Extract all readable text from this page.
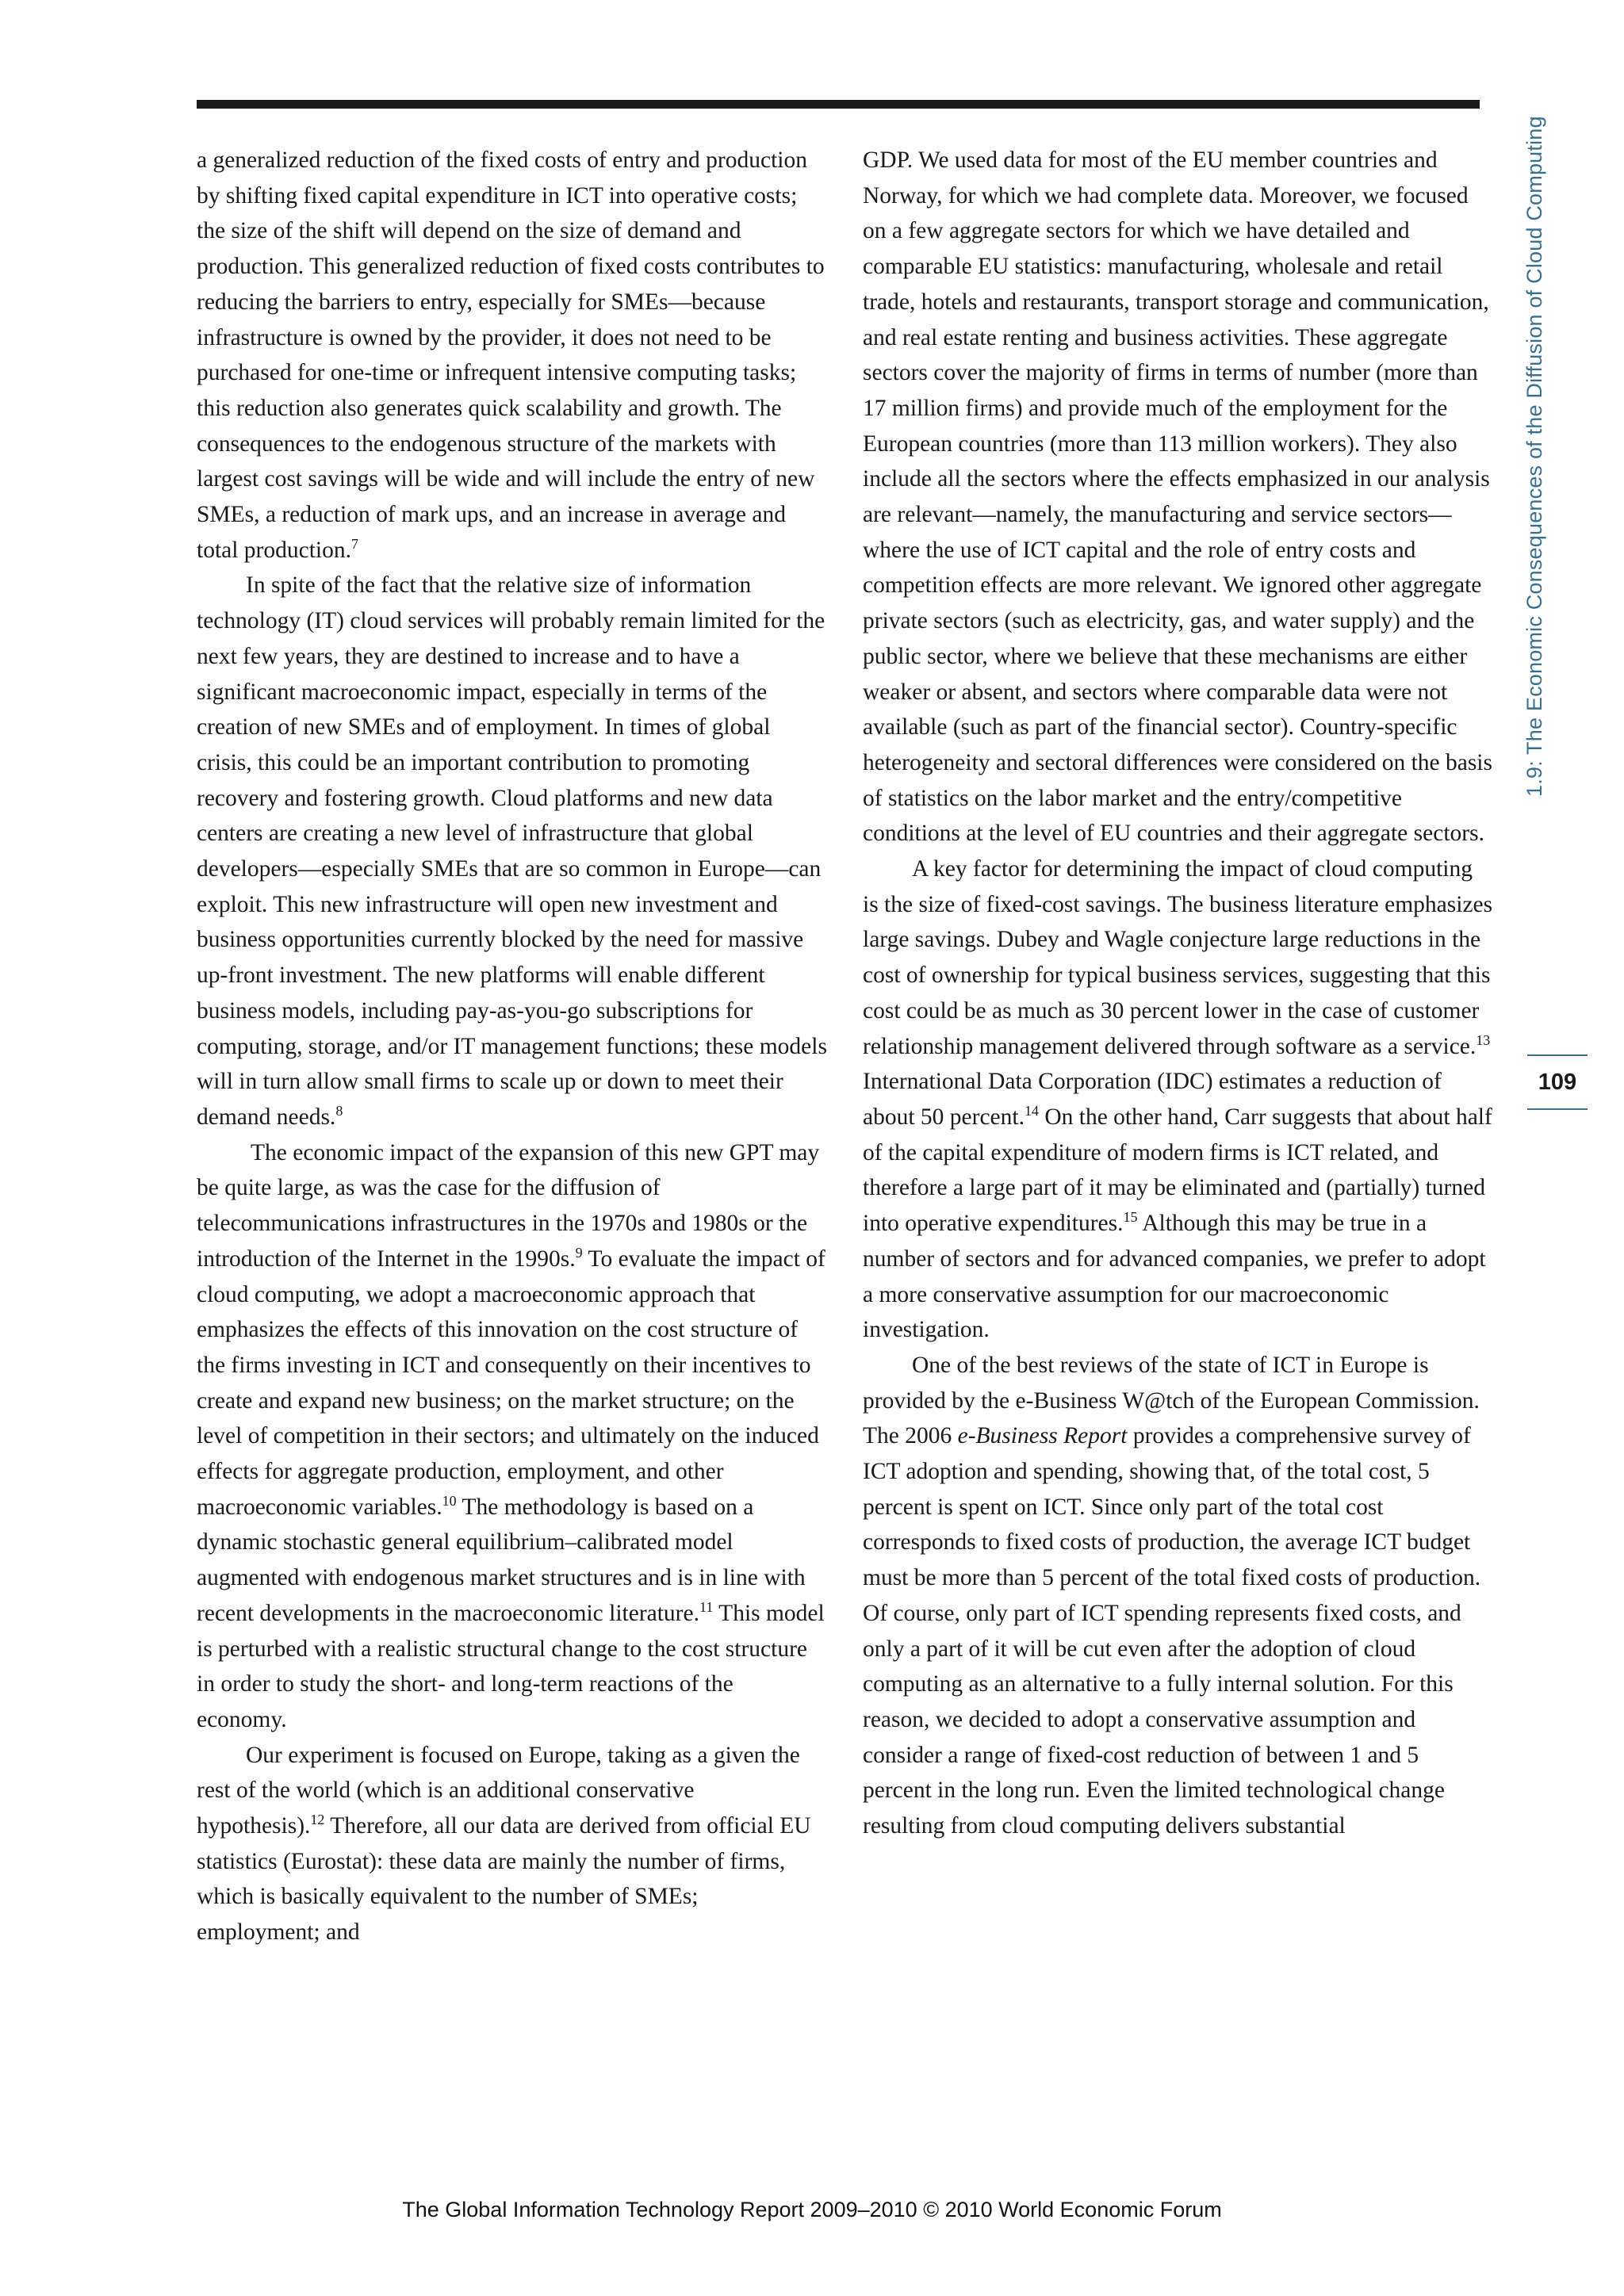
a generalized reduction of the fixed costs of entry and production by shifting fixed capital expenditure in ICT into operative costs; the size of the shift will depend on the size of demand and production. This generalized reduction of fixed costs contributes to reducing the barriers to entry, especially for SMEs—because infrastructure is owned by the provider, it does not need to be purchased for one-time or infrequent intensive computing tasks; this reduction also generates quick scalability and growth. The consequences to the endogenous structure of the markets with largest cost savings will be wide and will include the entry of new SMEs, a reduction of mark ups, and an increase in average and total production.$^7$

In spite of the fact that the relative size of information technology (IT) cloud services will probably remain limited for the next few years, they are destined to increase and to have a significant macroeconomic impact, especially in terms of the creation of new SMEs and of employment. In times of global crisis, this could be an important contribution to promoting recovery and fostering growth. Cloud platforms and new data centers are creating a new level of infrastructure that global developers—especially SMEs that are so common in Europe—can exploit. This new infrastructure will open new investment and business opportunities currently blocked by the need for massive up-front investment. The new platforms will enable different business models, including pay-as-you-go subscriptions for computing, storage, and/or IT management functions; these models will in turn allow small firms to scale up or down to meet their demand needs.$^8$

The economic impact of the expansion of this new GPT may be quite large, as was the case for the diffusion of telecommunications infrastructures in the 1970s and 1980s or the introduction of the Internet in the 1990s.$^9$ To evaluate the impact of cloud computing, we adopt a macroeconomic approach that emphasizes the effects of this innovation on the cost structure of the firms investing in ICT and consequently on their incentives to create and expand new business; on the market structure; on the level of competition in their sectors; and ultimately on the induced effects for aggregate production, employment, and other macroeconomic variables.$^{10}$ The methodology is based on a dynamic stochastic general equilibrium–calibrated model augmented with endogenous market structures and is in line with recent developments in the macroeconomic literature.$^{11}$ This model is perturbed with a realistic structural change to the cost structure in order to study the short- and long-term reactions of the economy.

Our experiment is focused on Europe, taking as a given the rest of the world (which is an additional conservative hypothesis).$^{12}$ Therefore, all our data are derived from official EU statistics (Eurostat): these data are mainly the number of firms, which is basically equivalent to the number of SMEs; employment; and

GDP. We used data for most of the EU member countries and Norway, for which we had complete data. Moreover, we focused on a few aggregate sectors for which we have detailed and comparable EU statistics: manufacturing, wholesale and retail trade, hotels and restaurants, transport storage and communication, and real estate renting and business activities. These aggregate sectors cover the majority of firms in terms of number (more than 17 million firms) and provide much of the employment for the European countries (more than 113 million workers). They also include all the sectors where the effects emphasized in our analysis are relevant—namely, the manufacturing and service sectors—where the use of ICT capital and the role of entry costs and competition effects are more relevant. We ignored other aggregate private sectors (such as electricity, gas, and water supply) and the public sector, where we believe that these mechanisms are either weaker or absent, and sectors where comparable data were not available (such as part of the financial sector). Country-specific heterogeneity and sectoral differences were considered on the basis of statistics on the labor market and the entry/competitive conditions at the level of EU countries and their aggregate sectors.

A key factor for determining the impact of cloud computing is the size of fixed-cost savings. The business literature emphasizes large savings. Dubey and Wagle conjecture large reductions in the cost of ownership for typical business services, suggesting that this cost could be as much as 30 percent lower in the case of customer relationship management delivered through software as a service.$^{13}$ International Data Corporation (IDC) estimates a reduction of about 50 percent.$^{14}$ On the other hand, Carr suggests that about half of the capital expenditure of modern firms is ICT related, and therefore a large part of it may be eliminated and (partially) turned into operative expenditures.$^{15}$ Although this may be true in a number of sectors and for advanced companies, we prefer to adopt a more conservative assumption for our macroeconomic investigation.

One of the best reviews of the state of ICT in Europe is provided by the e-Business W@tch of the European Commission. The 2006 e-Business Report provides a comprehensive survey of ICT adoption and spending, showing that, of the total cost, 5 percent is spent on ICT. Since only part of the total cost corresponds to fixed costs of production, the average ICT budget must be more than 5 percent of the total fixed costs of production. Of course, only part of ICT spending represents fixed costs, and only a part of it will be cut even after the adoption of cloud computing as an alternative to a fully internal solution. For this reason, we decided to adopt a conservative assumption and consider a range of fixed-cost reduction of between 1 and 5 percent in the long run. Even the limited technological change resulting from cloud computing delivers substantial

1.9: The Economic Consequences of the Diffusion of Cloud Computing
109
The Global Information Technology Report 2009–2010 © 2010 World Economic Forum
